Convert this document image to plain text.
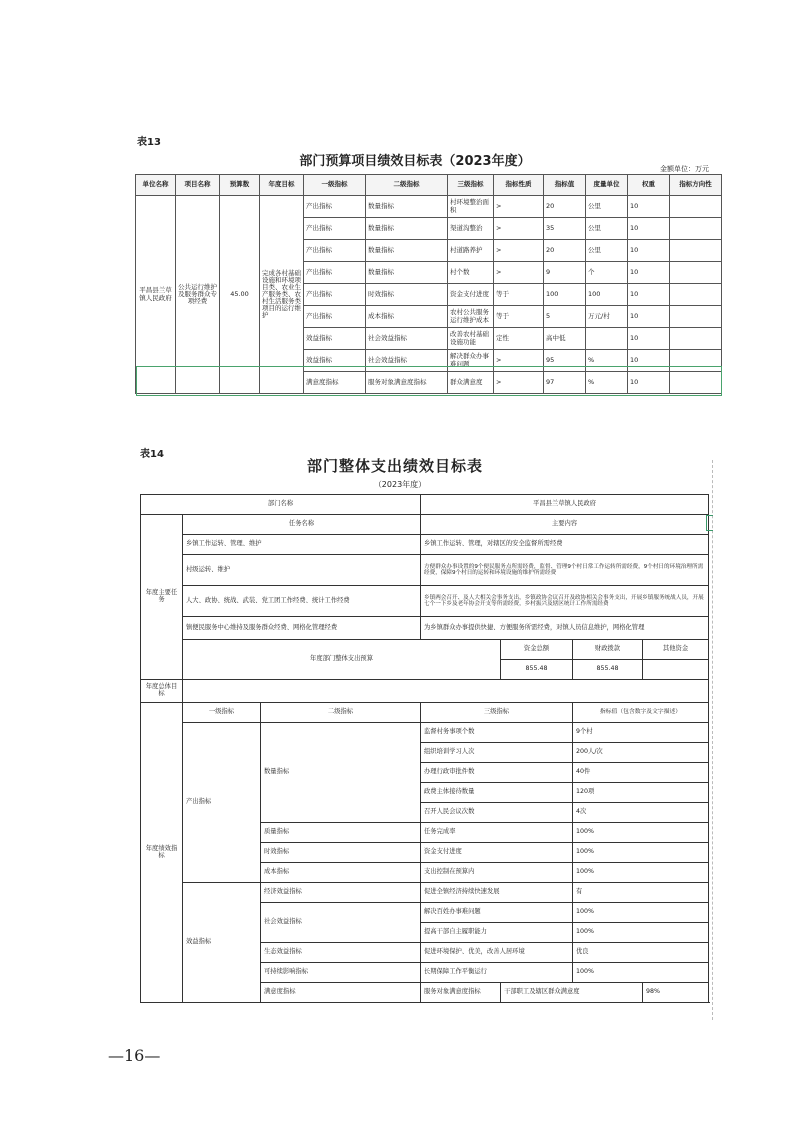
表13
部门预算项目绩效目标表（2023年度）	金额单位：万元
单位名称	项目名称	预算数	年度目标	一级指标	二级指标	三级指标	指标性质	指标值	度量单位	权重	指标方向性
平昌县兰草镇人民政府	公共运行维护及服务群众专项经费	45.00	完成各村基础设施和环境项目类、农业生产服务类、农村生活服务类项目的运行维护	产出指标	数量指标	村环境整治面积	>	20	公里	10	
				产出指标	数量指标	渠道沟整治	>	35	公里	10	
				产出指标	数量指标	村道路养护	>	20	公里	10	
				产出指标	数量指标	村个数	>	9	个	10	
				产出指标	时效指标	资金支付进度	等于	100	100	10	
				产出指标	成本指标	农村公共服务运行维护成本	等于	5	万元/村	10	
				效益指标	社会效益指标	改善农村基础设施功能	定性	高中低		10	
				效益指标	社会效益指标	解决群众办事难问题	>	95	%	10	
				满意度指标	服务对象满意度指标	群众满意度	>	97	%	10	
表14
部门整体支出绩效目标表
（2023年度）
部门名称			平昌县兰草镇人民政府			
年度主要任务	任务名称		主要内容			
	乡镇工作运转、管理、维护		乡镇工作运转、管理，对辖区的安全监督所需经费			
	村级运转、维护		方便群众办事设置的9个便民服务点所需经费，监督、管理9个村日常工作运转所需经费，9个村日的环境治理所需经费，保障9个村日的运转和环境设施的维护所需经费			
	人大、政协、统战、武装、党工团工作经费、统计工作经费		乡镇两会召开、及人大相关会事务支出，乡镇政协会议召开及政协相关会事务支出，开展乡镇服务统战人员，开展七个一下乡及老年协会开支等所需经费，乡村振兴及辖区统计工作所需经费			
	镇便民服务中心维持及服务群众经费、网格化管理经费		为乡镇群众办事提供快捷、方便服务所需经费，对镇人员信息维护，网格化管理			
	年度部门整体支出预算			资金总额	财政拨款	其他资金
				855.48	855.48	
年度总体目标						
年度绩效指标	一级指标	二级指标	三级指标		指标值（包含数字及文字描述）	
	产出指标	数量指标	监督村务事项个数		9个村	
			组织培训学习人次		200人/次	
			办理行政审批件数		40件	
			政费主体接待数量		120项	
			召开人民会议次数		4次	
		质量指标	任务完成率		100%	
		时效指标	资金支付进度		100%	
		成本指标	支出控制在预算内		100%	
	效益指标	经济效益指标	促进全镇经济持续快速发展		有	
		社会效益指标	解决百姓办事难问题		100%	
			提高干部自主履职能力		100%	
		生态效益指标	促进环境保护、优美，改善人居环境		优良	
		可持续影响指标	长期保障工作平衡运行		100%	
		满意度指标	服务对象满意度指标	干部职工及辖区群众满意度		98%
—16—
